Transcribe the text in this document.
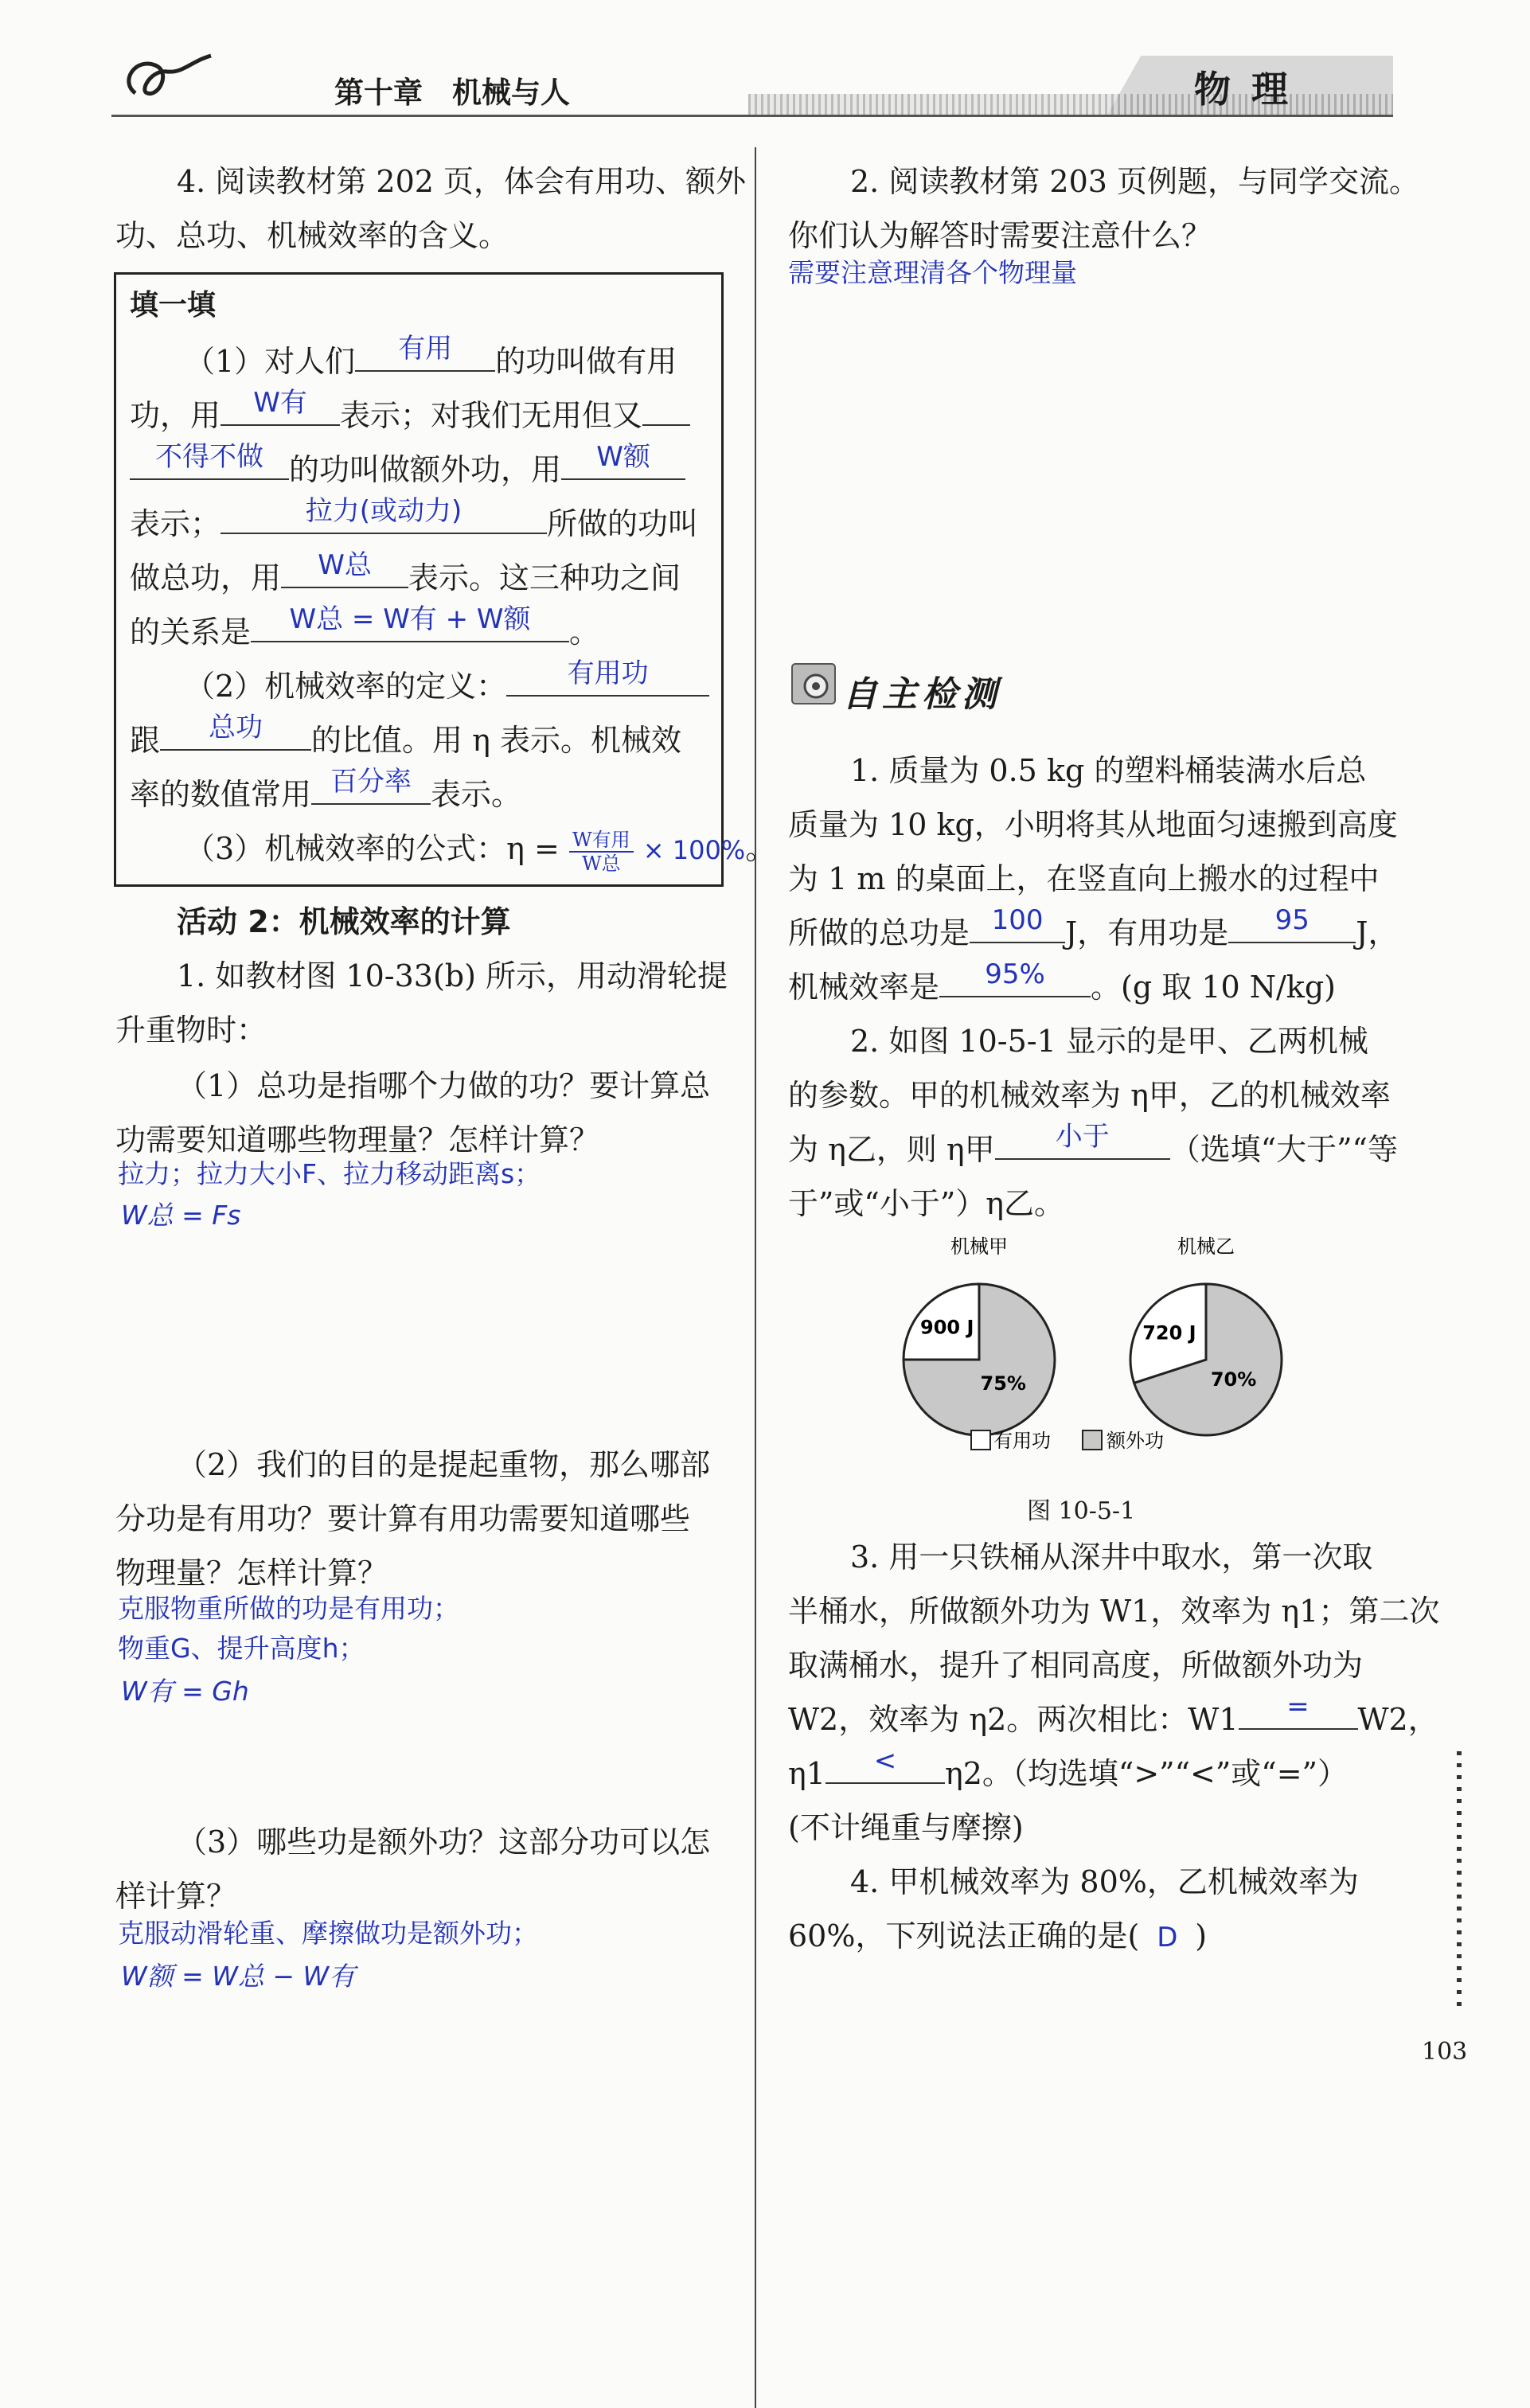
第十章　机械与人	物理
4. 阅读教材第 202 页，体会有用功、额外
功、总功、机械效率的含义。
填一填
（1）对人们	有用	的功叫做有用
功，用	W有	表示；对我们无用但又
不得不做 的功叫做额外功，用	W额
表示；	拉力(或动力)	所做的功叫
做总功，用	W总	表示。这三种功之间
的关系是	W总 = W有 + W额	。
（2）机械效率的定义：	有用功
跟	总功	的比值。用 η 表示。机械效
率的数值常用 百分率 表示。
（3）机械效率的公式：$\eta = \frac{\text{W有用}}{\text{W总}} \times 100\%$。
活动 2：机械效率的计算
1. 如教材图 10-33(b) 所示，用动滑轮提
升重物时：
（1）总功是指哪个力做的功？要计算总
功需要知道哪些物理量？怎样计算？
拉力；拉力大小F、拉力移动距离s；
W总 = Fs
（2）我们的目的是提起重物，那么哪部
分功是有用功？要计算有用功需要知道哪些
物理量？怎样计算？
克服物重所做的功是有用功；
物重G、提升高度h；
W有 = Gh
（3）哪些功是额外功？这部分功可以怎
样计算？
克服动滑轮重、摩擦做功是额外功；
W额 = W总 − W有
2. 阅读教材第 203 页例题，与同学交流。
你们认为解答时需要注意什么？
需要注意理清各个物理量
自主检测
1. 质量为 0.5 kg 的塑料桶装满水后总
质量为 10 kg，小明将其从地面匀速搬到高度
为 1 m 的桌面上，在竖直向上搬水的过程中
所做的总功是 100 J，有用功是	95	J，
机械效率是	95%	。(g 取 10 N/kg)
2. 如图 10-5-1 显示的是甲、乙两机械
的参数。甲的机械效率为 η甲，乙的机械效率
为 η乙，则 η甲	小于	（选填“大于”“等
于”或“小于”）η乙。
机械甲	机械乙
900 J
75%
720 J
70%
有用功	额外功
图 10-5-1
3. 用一只铁桶从深井中取水，第一次取
半桶水，所做额外功为 W1，效率为 η1；第二次
取满桶水，提升了相同高度，所做额外功为
W2，效率为 η2。两次相比：W1	=	W2，
η1	<	η2。（均选填“>”“<”或“=”）
(不计绳重与摩擦)
4. 甲机械效率为 80%，乙机械效率为
60%，下列说法正确的是( D )
103
